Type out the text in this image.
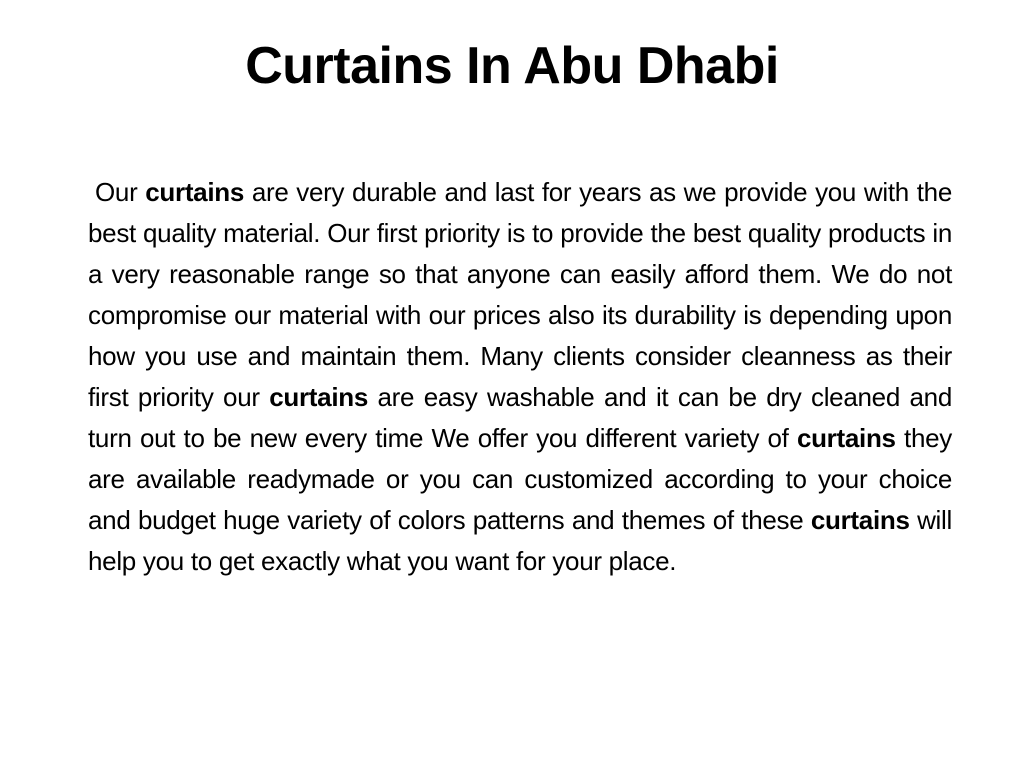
Curtains In Abu Dhabi

Our curtains are very durable and last for years as we provide you with the best quality material. Our first priority is to provide the best quality products in a very reasonable range so that anyone can easily afford them. We do not compromise our material with our prices also its durability is depending upon how you use and maintain them. Many clients consider cleanness as their first priority our curtains are easy washable and it can be dry cleaned and turn out to be new every time We offer you different variety of curtains they are available readymade or you can customized according to your choice and budget huge variety of colors patterns and themes of these curtains will help you to get exactly what you want for your place.
